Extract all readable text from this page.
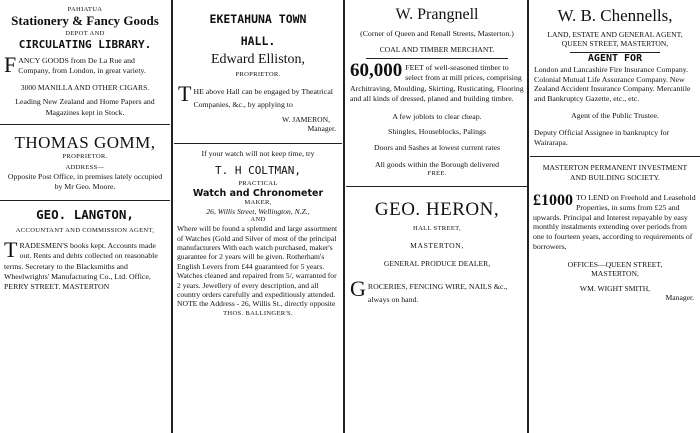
PAHIATUA
Stationery & Fancy Goods
DEPOT AND
CIRCULATING LIBRARY.
FANCY GOODS from De La Rue and Company, from London, in great variety.
3000 MANILLA AND OTHER CIGARS.
Leading New Zealand and Home Papers and Magazines kept in Stock.
THOMAS GOMM,
PROPRIETOR.
ADDRESS—
Opposite Post Office, in premises lately occupied by Mr Geo. Moore.
GEO. LANGTON,
ACCOUNTANT AND COMMISSION AGENT,
TRADESMEN'S books kept. Accounts made out. Rents and debts collected on reasonable terms. Secretary to the Blacksmiths and Wheelwrights' Manufacturing Co., Ltd. Office, PERRY STREET. MASTERTON
EKETAHUNA TOWN
HALL.
Edward Elliston,
PROPRIETOR.
THE above Hall can be engaged by Theatrical Companies, &c., by applying to
W. JAMERON,
Manager.
If your watch will not keep time, try
T. H COLTMAN,
PRACTICAL
Watch and Chronometer
MAKER,
26, Willis Street, Wellington, N.Z.,
AND
Where will be found a splendid and large assortment of Watches (Gold and Silver of most of the principal manufacturers With each watch purchased, maker's guarantee for 2 years will be given. Rotherham's English Levers from £44 guaranteed for 5 years. Watches cleaned and repaired from 5/, warranted for 2 years. Jewellery of every description, and all country orders carefully and expeditiously attended. NOTE the Address - 26, Willis St., directly opposite
THOS. BALLINGER'S.
W. Prangnell
(Corner of Queen and Renall Streets, Masterton.)
COAL AND TIMBER MERCHANT.
60,000 FEET of well-seasoned timber to select from at mill prices, comprising Architraving, Moulding, Skirting, Rusticating, Flooring and all kinds of dressed, planed and building timbre.
A few joblots to clear cheap.
Shingles, Houseblocks, Palings
Doors and Sashes at lowest current rates
All goods within the Borough delivered
FREE.
GEO. HERON,
HALL STREET,
MASTERTON,
GENERAL PRODUCE DEALER,
GROCERIES, FENCING WIRE, NAILS &c., always on hand.
W. B. Chennells,
LAND, ESTATE AND GENERAL AGENT,
QUEEN STREET, MASTERTON,
AGENT FOR
London and Lancashire Fire Insurance Company. Colonial Mutual Life Assurance Company. New Zealand Accident Insurance Company. Mercantile and Bankruptcy Gazette, etc., etc.
Agent of the Public Trustee.
Deputy Official Assignee in bankruptcy for Wairarapa.
MASTERTON PERMANENT INVESTMENT AND BUILDING SOCIETY.
£1000 TO LEND on Freehold and Leasehold Properties, in sums from £25 and upwards. Principal and Interest repayable by easy monthly instalments extending over periods from one to fourteen years, according to requirements of borrowers,
OFFICES—QUEEN STREET,
MASTERTON,
WM. WIGHT SMITH,
Manager.
